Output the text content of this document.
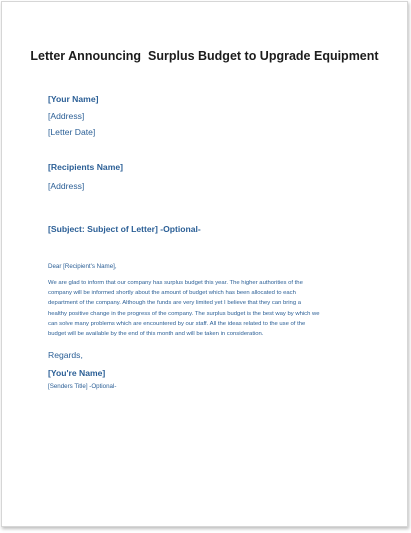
Letter Announcing  Surplus Budget to Upgrade Equipment
[Your Name]
[Address]
[Letter Date]
[Recipients Name]
[Address]
[Subject: Subject of Letter] -Optional-
Dear [Recipient's Name],
We are glad to inform that our company has surplus budget this year. The higher authorities of the
company will be informed shortly about the amount of budget which has been allocated to each
department of the company. Although the funds are very limited yet I believe that they can bring a
healthy positive change in the progress of the company. The surplus budget is the best way by which we
can solve many problems which are encountered by our staff. All the ideas related to the use of the
budget will be available by the end of this month and will be taken in consideration.
Regards,
[You're Name]
[Senders Title] -Optional-
